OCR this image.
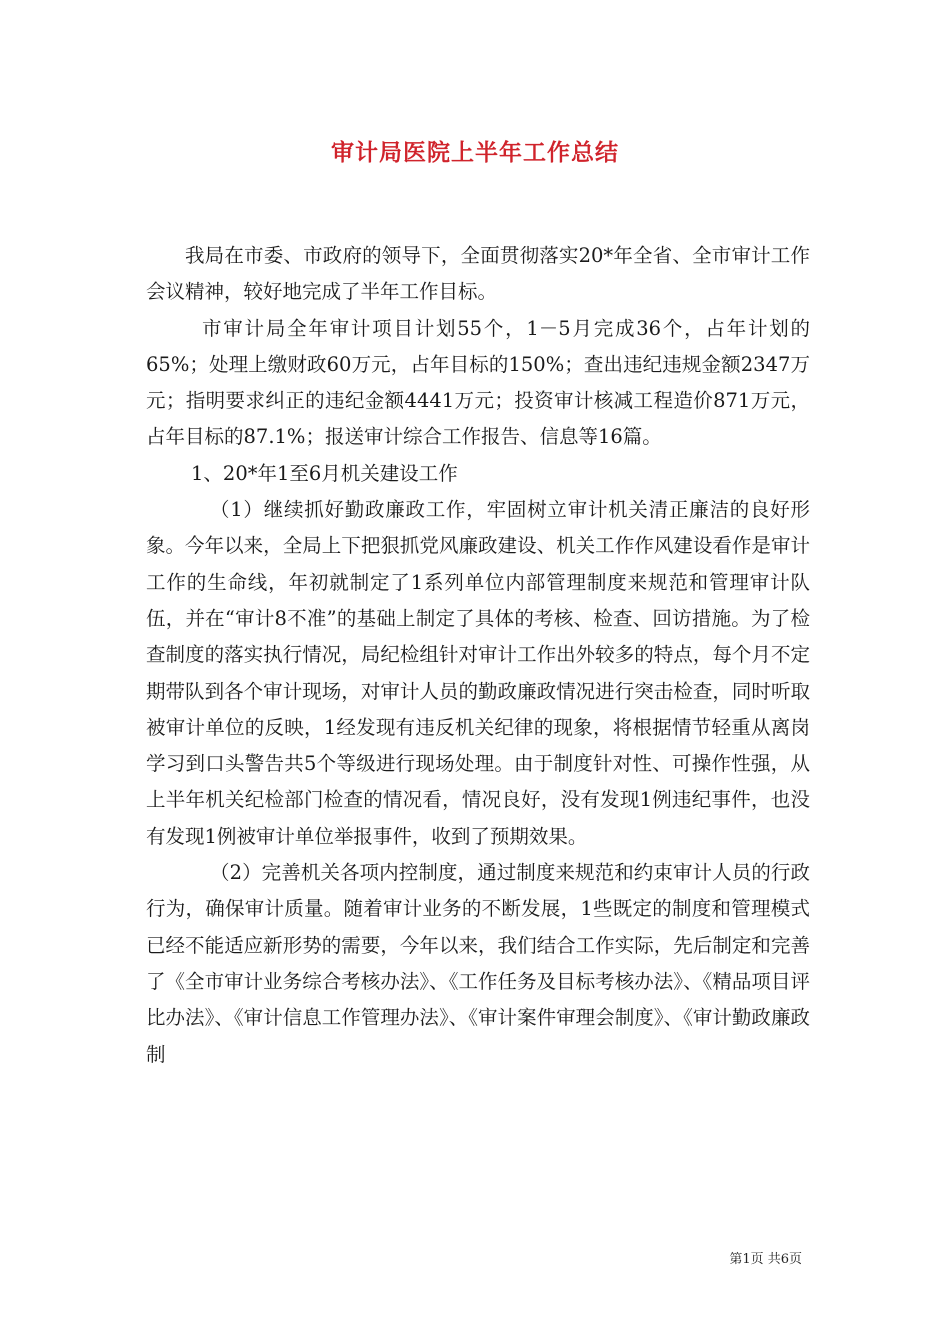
审计局医院上半年工作总结

我局在市委、市政府的领导下，全面贯彻落实20*年全省、全市审计工作会议精神，较好地完成了半年工作目标。

市审计局全年审计项目计划55个，1－5月完成36个，占年计划的65%；处理上缴财政60万元，占年目标的150%；查出违纪违规金额2347万元；指明要求纠正的违纪金额4441万元；投资审计核减工程造价871万元，占年目标的87.1%；报送审计综合工作报告、信息等16篇。

1、20*年1至6月机关建设工作

（1）继续抓好勤政廉政工作，牢固树立审计机关清正廉洁的良好形象。今年以来，全局上下把狠抓党风廉政建设、机关工作作风建设看作是审计工作的生命线，年初就制定了1系列单位内部管理制度来规范和管理审计队伍，并在“审计8不准”的基础上制定了具体的考核、检查、回访措施。为了检查制度的落实执行情况，局纪检组针对审计工作出外较多的特点，每个月不定期带队到各个审计现场，对审计人员的勤政廉政情况进行突击检查，同时听取被审计单位的反映，1经发现有违反机关纪律的现象，将根据情节轻重从离岗学习到口头警告共5个等级进行现场处理。由于制度针对性、可操作性强，从上半年机关纪检部门检查的情况看，情况良好，没有发现1例违纪事件，也没有发现1例被审计单位举报事件，收到了预期效果。

（2）完善机关各项内控制度，通过制度来规范和约束审计人员的行政行为，确保审计质量。随着审计业务的不断发展，1些既定的制度和管理模式已经不能适应新形势的需要，今年以来，我们结合工作实际，先后制定和完善了《全市审计业务综合考核办法》、《工作任务及目标考核办法》、《精品项目评比办法》、《审计信息工作管理办法》、《审计案件审理会制度》、《审计勤政廉政制

第1页 共6页
